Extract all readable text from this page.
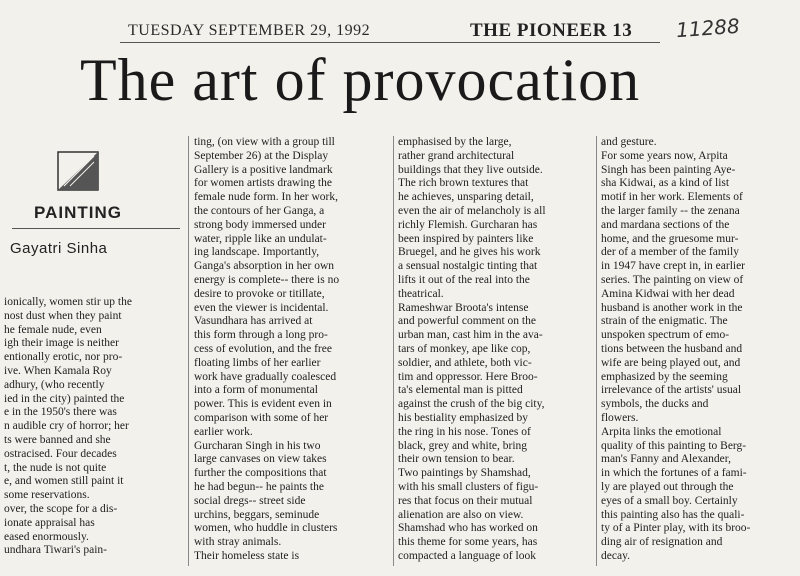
TUESDAY SEPTEMBER 29, 1992	THE PIONEER 13 11288
The art of provocation
PAINTING
Gayatri Sinha

ionically, women stir up the

nost dust when they paint

he female nude, even

igh their image is neither

entionally erotic, nor pro-

ive. When Kamala Roy

adhury, (who recently

ied in the city) painted the

e in the 1950's there was

n audible cry of horror; her

ts were banned and she

ostracised. Four decades

t, the nude is not quite

e, and women still paint it

some reservations.

over, the scope for a dis-

ionate appraisal has

eased enormously.

undhara Tiwari's pain-

ting, (on view with a group till

September 26) at the Display

Gallery is a positive landmark

for women artists drawing the

female nude form. In her work,

the contours of her Ganga, a

strong body immersed under

water, ripple like an undulat-

ing landscape. Importantly,

Ganga's absorption in her own

energy is complete-- there is no

desire to provoke or titillate,

even the viewer is incidental.

Vasundhara has arrived at

this form through a long pro-

cess of evolution, and the free

floating limbs of her earlier

work have gradually coalesced

into a form of monumental

power. This is evident even in

comparison with some of her

earlier work.

Gurcharan Singh in his two

large canvases on view takes

further the compositions that

he had begun-- he paints the

social dregs-- street side

urchins, beggars, seminude

women, who huddle in clusters

with stray animals.

Their homeless state is

emphasised by the large,

rather grand architectural

buildings that they live outside.

The rich brown textures that

he achieves, unsparing detail,

even the air of melancholy is all

richly Flemish. Gurcharan has

been inspired by painters like

Bruegel, and he gives his work

a sensual nostalgic tinting that

lifts it out of the real into the

theatrical.

Rameshwar Broota's intense

and powerful comment on the

urban man, cast him in the ava-

tars of monkey, ape like cop,

soldier, and athlete, both vic-

tim and oppressor. Here Broo-

ta's elemental man is pitted

against the crush of the big city,

his bestiality emphasized by

the ring in his nose. Tones of

black, grey and white, bring

their own tension to bear.

Two paintings by Shamshad,

with his small clusters of figu-

res that focus on their mutual

alienation are also on view.

Shamshad who has worked on

this theme for some years, has

compacted a language of look

and gesture.

For some years now, Arpita

Singh has been painting Aye-

sha Kidwai, as a kind of list

motif in her work. Elements of

the larger family -- the zenana

and mardana sections of the

home, and the gruesome mur-

der of a member of the family

in 1947 have crept in, in earlier

series. The painting on view of

Amina Kidwai with her dead

husband is another work in the

strain of the enigmatic. The

unspoken spectrum of emo-

tions between the husband and

wife are being played out, and

emphasized by the seeming

irrelevance of the artists' usual

symbols, the ducks and

flowers.

Arpita links the emotional

quality of this painting to Berg-

man's Fanny and Alexander,

in which the fortunes of a fami-

ly are played out through the

eyes of a small boy. Certainly

this painting also has the quali-

ty of a Pinter play, with its broo-

ding air of resignation and

decay.
